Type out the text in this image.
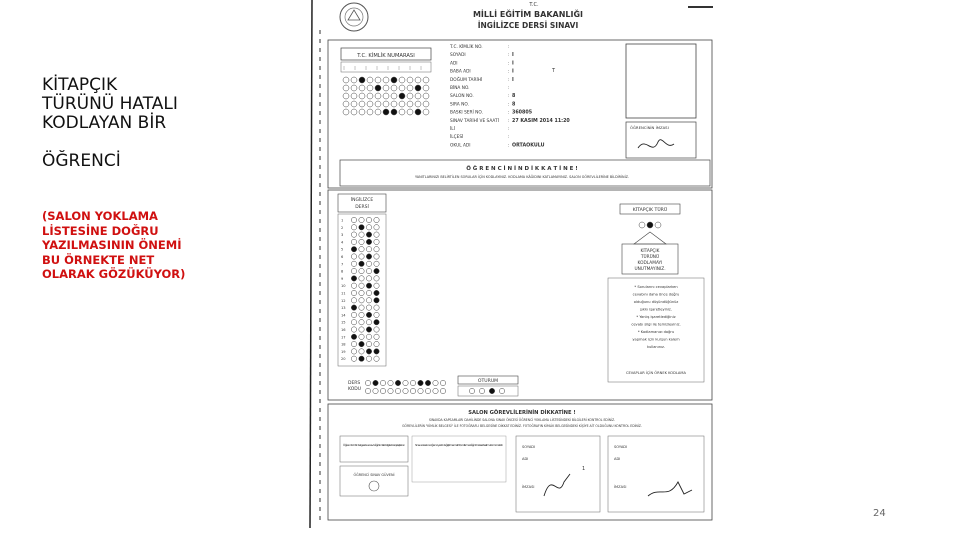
KİTAPÇIK
TÜRÜNÜ HATALI
KODLAYAN BİR
ÖĞRENCİ
(SALON YOKLAMA
LİSTESİNE DOĞRU
YAZILMASININ ÖNEMİ
BU ÖRNEKTE NET
OLARAK GÖZÜKÜYOR)
24
T.C.
MİLLİ EĞİTİM BAKANLIĞI
İNGİLİZCE DERSİ SINAVI
T.C. KİMLİK NUMARASI
T.C. KİMLİK NO.	:
SOYADI	: I
ADI	: I
BABA ADI	: I
DOĞUM TARİHİ	: I
BİNA NO.	:
SALON NO.	: 8
SIRA NO.	: 8
BASKI SERİ NO.	: 360805
SINAV TARİHİ VE SAATİ : 27 KASIM 2014 11:20
İLİ	:
İLÇESİ	:
OKUL ADI	: ORTAOKULU
T
ÖĞRENCİNİN İMZASI
Ö Ğ R E N C İ N İ N D İ K K A T İ N E !
YANITLARINIZI BELİRTİLEN SORULAR İÇİN KODLAYINIZ. KODLAMA KÂĞIDINI KATLAMAYINIZ. SALON GÖREVLİLERİNE BİLDİRİNİZ.
İNGİLİZCE
DERSİ
1
2
3
4
5
6
7
8
9
10
11
12
13
14
15
16
17
18
19
20
KİTAPÇIK TÜRÜ
KİTAPÇIK
TÜRÜNÜ
KODLAMAYI
UNUTMAYINIZ.
* Sorularını cevaplarken
cevabını daha önce doğru
olduğunu düşündüğünüz
şıkkı işaretleyiniz.
* Yanlış işaretlediğiniz
cevabı silgi ile temizleyiniz.
* Kodlamanızı doğru
yapmak için kurşun kalem
kullanınız.
CEVAPLAR İÇİN ÖRNEK KODLAMA
DERS
KODU
OTURUM
SALON GÖREVLİLERİNİN DİKKATİNE !
SINAVDA KAPSAMLARI DAHİLİNDE SALONA SINAV ÖNCESİ ÖĞRENCİ YOKLAMA LİSTESİNDEKİ BİLGİLERİ KONTROL EDİNİZ.
GÖREVLİLERİN "KİMLİK BELGESİ" İLE FOTOĞRAFLI BELGESİNE DİKKAT EDİNİZ. FOTOĞRAFIN KİMLİK BELGESİNDEKİ KİŞİYE AİT OLDUĞUNU KONTROL EDİNİZ.
Öğrenci kimlik belgesi ile sınav kâğıdındaki bilgileri karşılaştırınız.
ÖĞRENCİ SINAV GÜVENİ
Sınav süresince öğrenci yerini değiştirmemelidir; kodlama kâğıdı imzasız teslim alınmamalıdır.	SOYADI
ADI
İMZASI
1
SOYADI
ADI
İMZASI
